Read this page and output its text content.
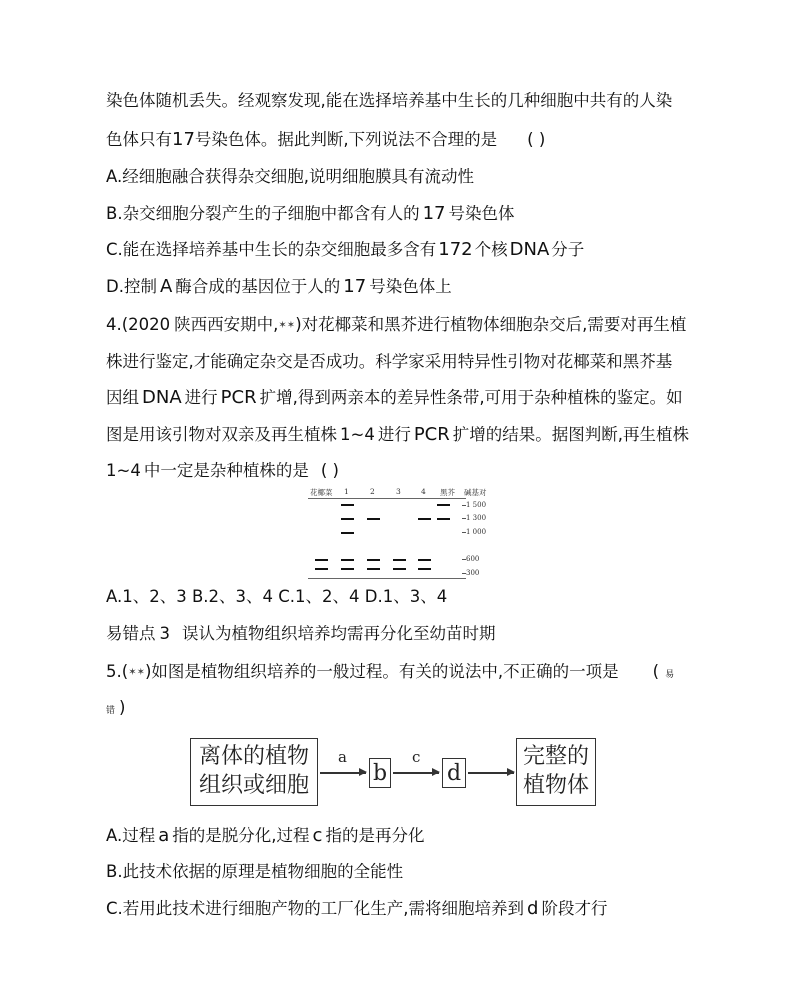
染色体随机丢失。经观察发现,能在选择培养基中生长的几种细胞中共有的人染
色体只有17号染色体。据此判断,下列说法不合理的是 ( )
A.经细胞融合获得杂交细胞,说明细胞膜具有流动性
B.杂交细胞分裂产生的子细胞中都含有人的 17 号染色体
C.能在选择培养基中生长的杂交细胞最多含有 172 个核 DNA 分子
D.控制 A 酶合成的基因位于人的 17 号染色体上
4.(2020 陕西西安期中,✶✶)对花椰菜和黑芥进行植物体细胞杂交后,需要对再生植
株进行鉴定,才能确定杂交是否成功。科学家采用特异性引物对花椰菜和黑芥基
因组 DNA 进行 PCR 扩增,得到两亲本的差异性条带,可用于杂种植株的鉴定。如
图是用该引物对双亲及再生植株 1~4 进行 PCR 扩增的结果。据图判断,再生植株
1~4 中一定是杂种植株的是 ( )
花椰菜 1	2	3	4 黑芥 碱基对
1 500
1 300
1 000
600
300
A.1、2、3 B.2、3、4 C.1、2、4 D.1、3、4
易错点 3 误认为植物组织培养均需再分化至幼苗时期
5.(✶✶)如图是植物组织培养的一般过程。有关的说法中,不正确的一项是 ( 易
错 )
离体的植物
组织或细胞
a
b
c
d
完整的
植物体
A.过程 a 指的是脱分化,过程 c 指的是再分化
B.此技术依据的原理是植物细胞的全能性
C.若用此技术进行细胞产物的工厂化生产,需将细胞培养到 d 阶段才行
